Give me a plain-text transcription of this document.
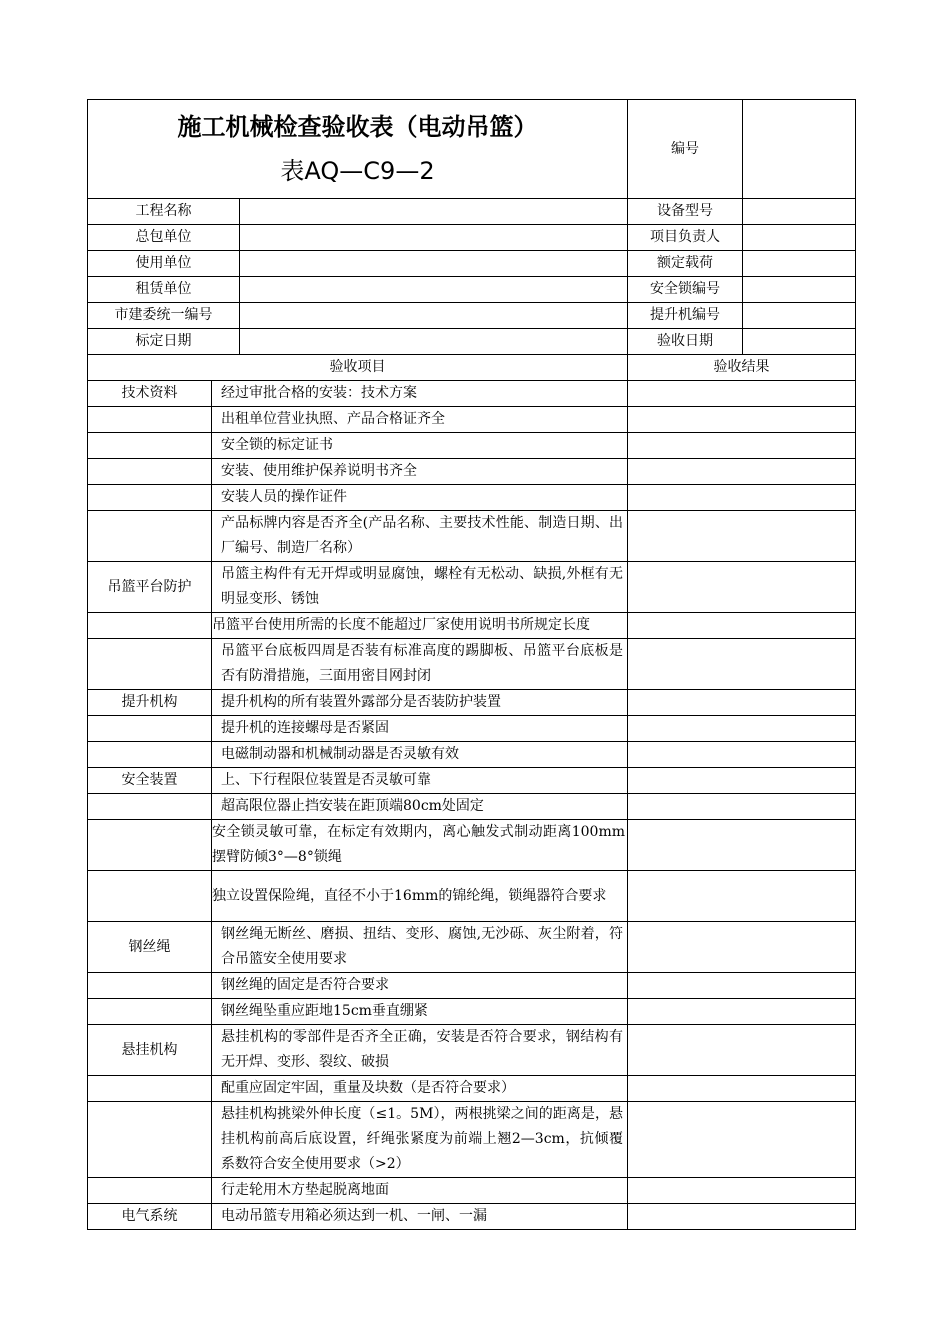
施工机械检查验收表（电动吊篮）
表AQ—C9—2			编号	
工程名称			设备型号	
总包单位			项目负责人	
使用单位			额定载荷	
租赁单位			安全锁编号	
市建委统一编号			提升机编号	
标定日期			验收日期	
验收项目			验收结果	
技术资料	经过审批合格的安装：技术方案			
	出租单位营业执照、产品合格证齐全			
	安全锁的标定证书			
	安装、使用维护保养说明书齐全			
	安装人员的操作证件			
	产品标牌内容是否齐全(产品名称、主要技术性能、制造日期、出厂编号、制造厂名称）			
吊篮平台防护	吊篮主构件有无开焊或明显腐蚀，螺栓有无松动、缺损,外框有无明显变形、锈蚀			
	吊篮平台使用所需的长度不能超过厂家使用说明书所规定长度			
	吊篮平台底板四周是否装有标准高度的踢脚板、吊篮平台底板是否有防滑措施，三面用密目网封闭			
提升机构	提升机构的所有装置外露部分是否装防护装置			
	提升机的连接螺母是否紧固			
	电磁制动器和机械制动器是否灵敏有效			
安全装置	上、下行程限位装置是否灵敏可靠			
	超高限位器止挡安装在距顶端80cm处固定			
	安全锁灵敏可靠，在标定有效期内，离心触发式制动距离100mm摆臂防倾3°—8°锁绳			
	独立设置保险绳，直径不小于16mm的锦纶绳，锁绳器符合要求			
钢丝绳	钢丝绳无断丝、磨损、扭结、变形、腐蚀,无沙砾、灰尘附着，符合吊篮安全使用要求			
	钢丝绳的固定是否符合要求			
	钢丝绳坠重应距地15cm垂直绷紧			
悬挂机构	悬挂机构的零部件是否齐全正确，安装是否符合要求，钢结构有无开焊、变形、裂纹、破损			
	配重应固定牢固，重量及块数（是否符合要求）			
	悬挂机构挑梁外伸长度（≤1。5M），两根挑梁之间的距离是，悬挂机构前高后底设置，纤绳张紧度为前端上翘2—3cm，抗倾覆系数符合安全使用要求（>2）			
	行走轮用木方垫起脱离地面			
电气系统	电动吊篮专用箱必须达到一机、一闸、一漏			
